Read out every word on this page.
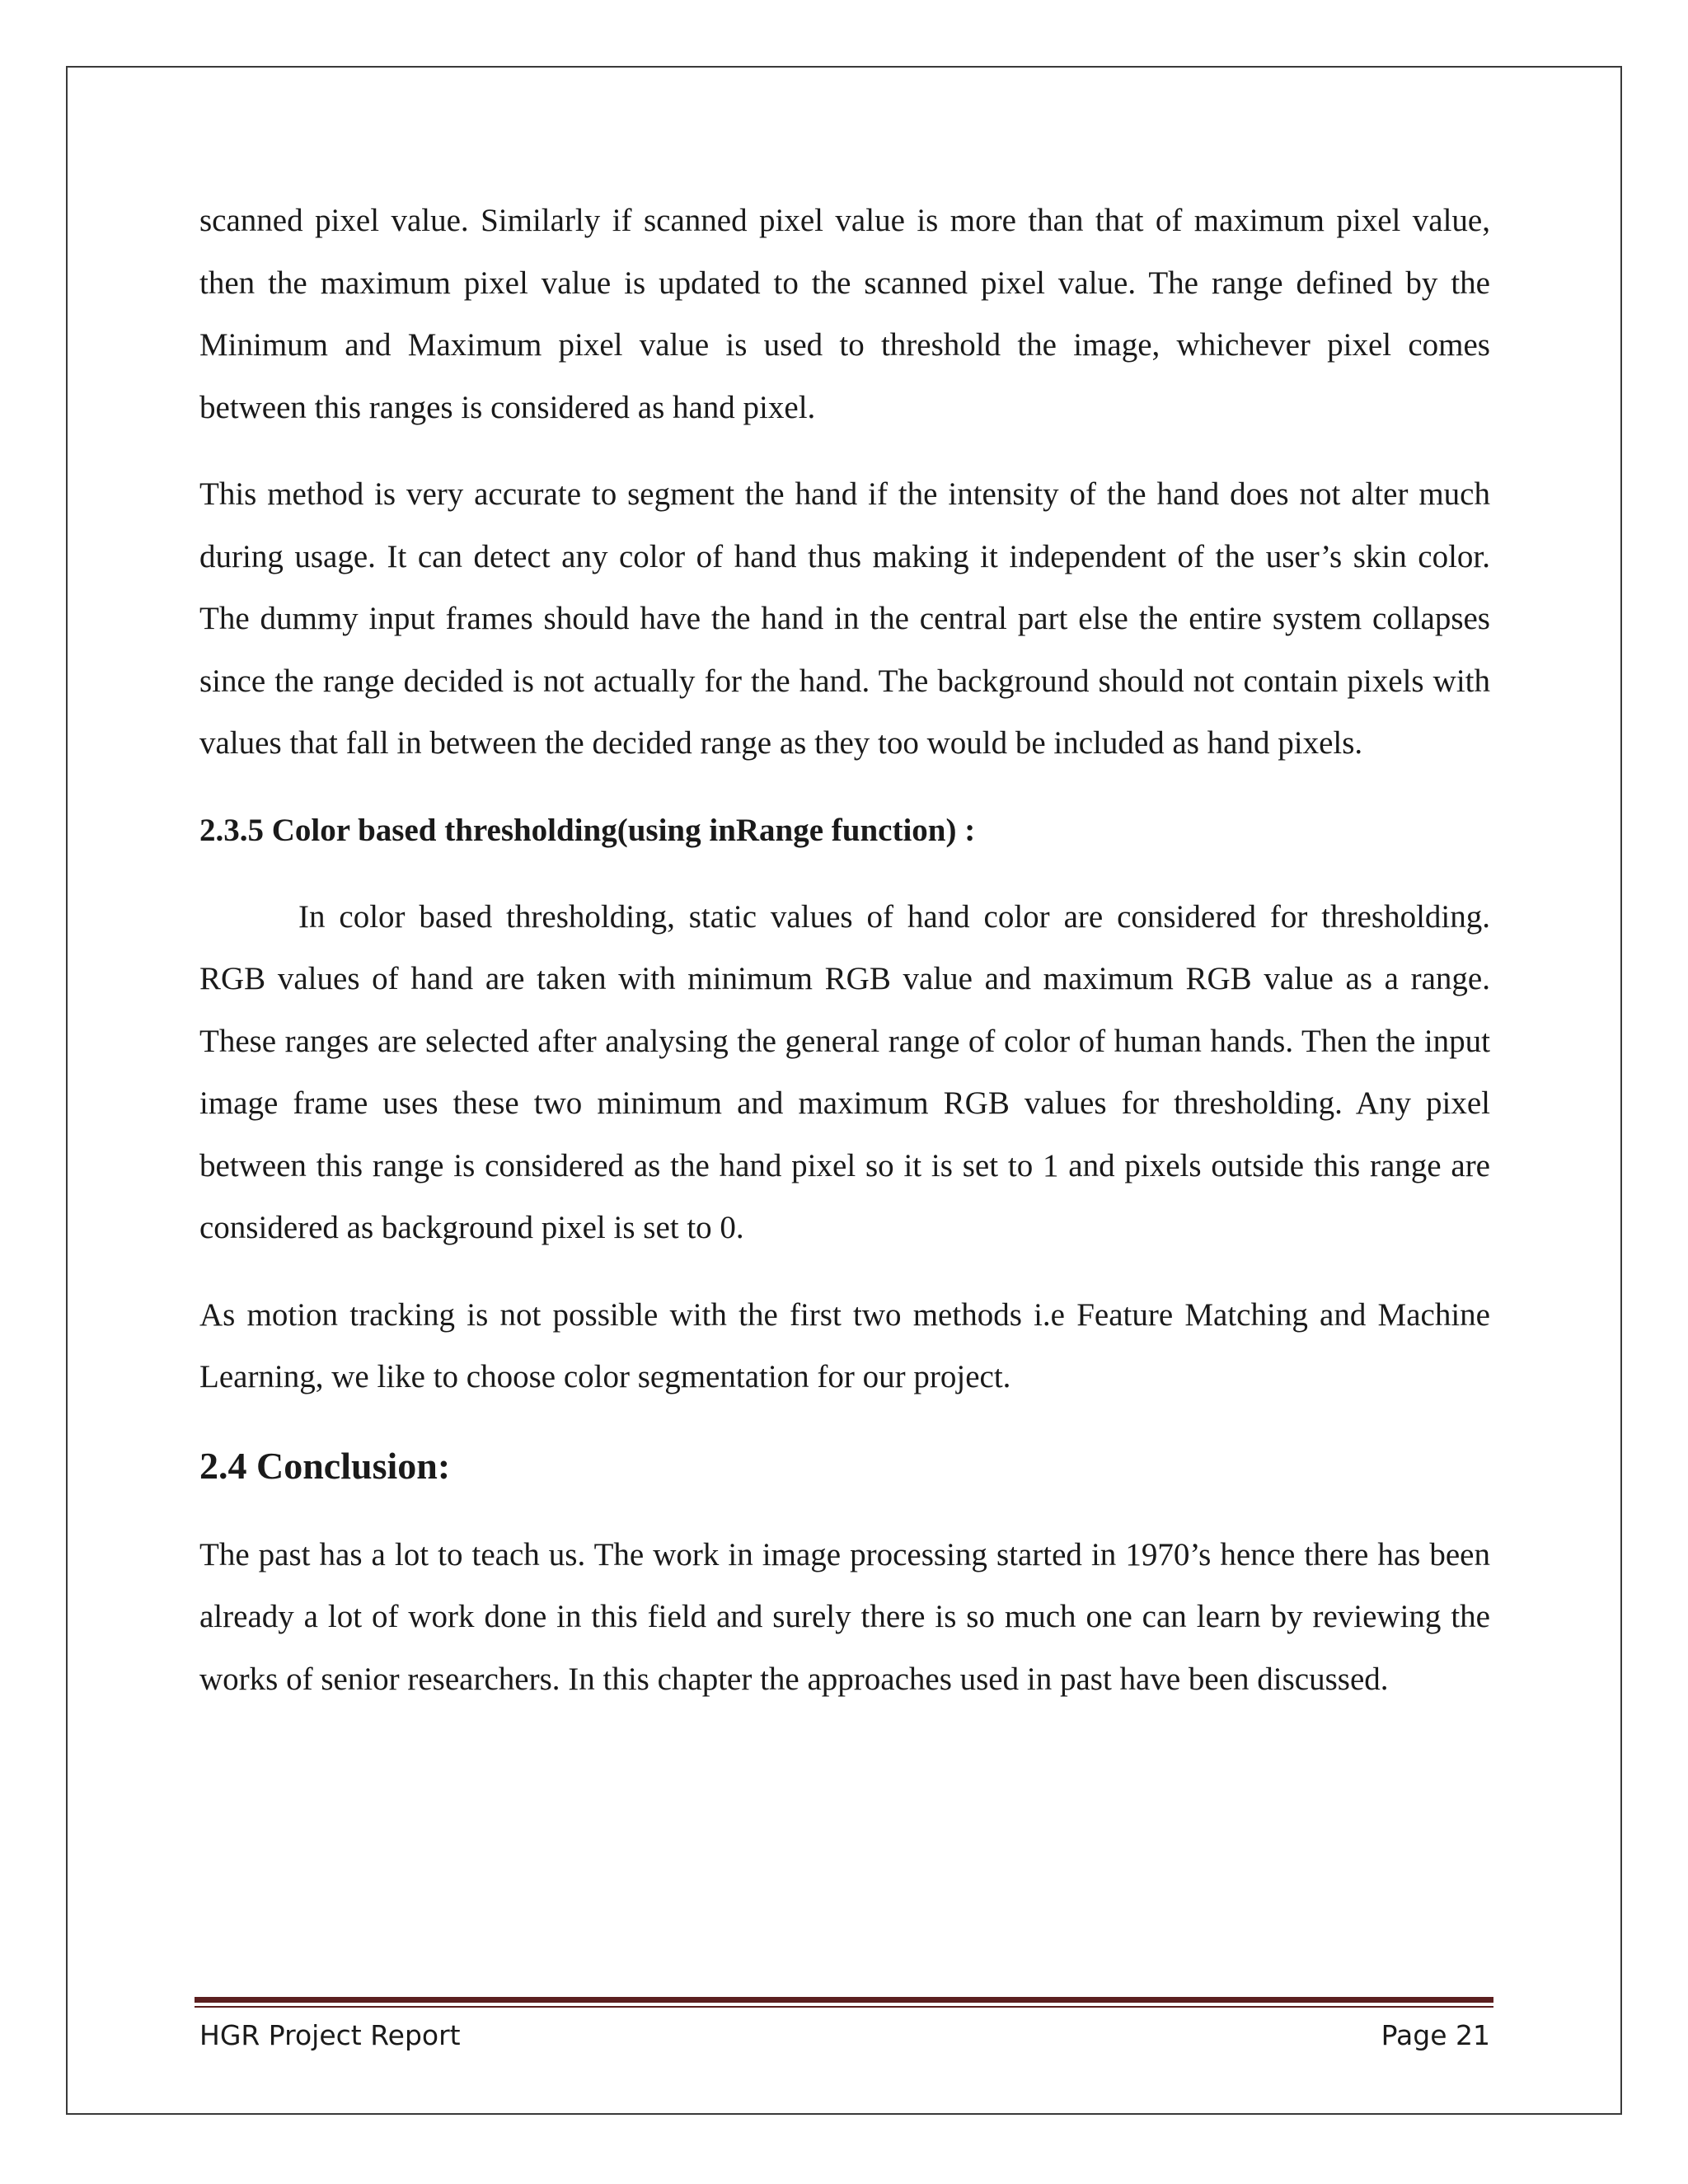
scanned pixel value. Similarly if scanned pixel value is more than that of maximum pixel value, then the maximum pixel value is updated to the scanned pixel value. The range defined by the Minimum and Maximum pixel value is used to threshold the image, whichever pixel comes between this ranges is considered as hand pixel.

This method is very accurate to segment the hand if the intensity of the hand does not alter much during usage. It can detect any color of hand thus making it independent of the user’s skin color. The dummy input frames should have the hand in the central part else the entire system collapses since the range decided is not actually for the hand. The background should not contain pixels with values that fall in between the decided range as they too would be included as hand pixels.

2.3.5 Color based thresholding(using inRange function) :

In color based thresholding, static values of hand color are considered for thresholding. RGB values of hand are taken with minimum RGB value and maximum RGB value as a range. These ranges are selected after analysing the general range of color of human hands. Then the input image frame uses these two minimum and maximum RGB values for thresholding. Any pixel between this range is considered as the hand pixel so it is set to 1 and pixels outside this range are considered as background pixel is set to 0.

As motion tracking is not possible with the first two methods i.e Feature Matching and Machine Learning, we like to choose color segmentation for our project.

2.4 Conclusion:

The past has a lot to teach us. The work in image processing started in 1970’s hence there has been already a lot of work done in this field and surely there is so much one can learn by reviewing the works of senior researchers. In this chapter the approaches used in past have been discussed.

HGR Project Report	Page 21
